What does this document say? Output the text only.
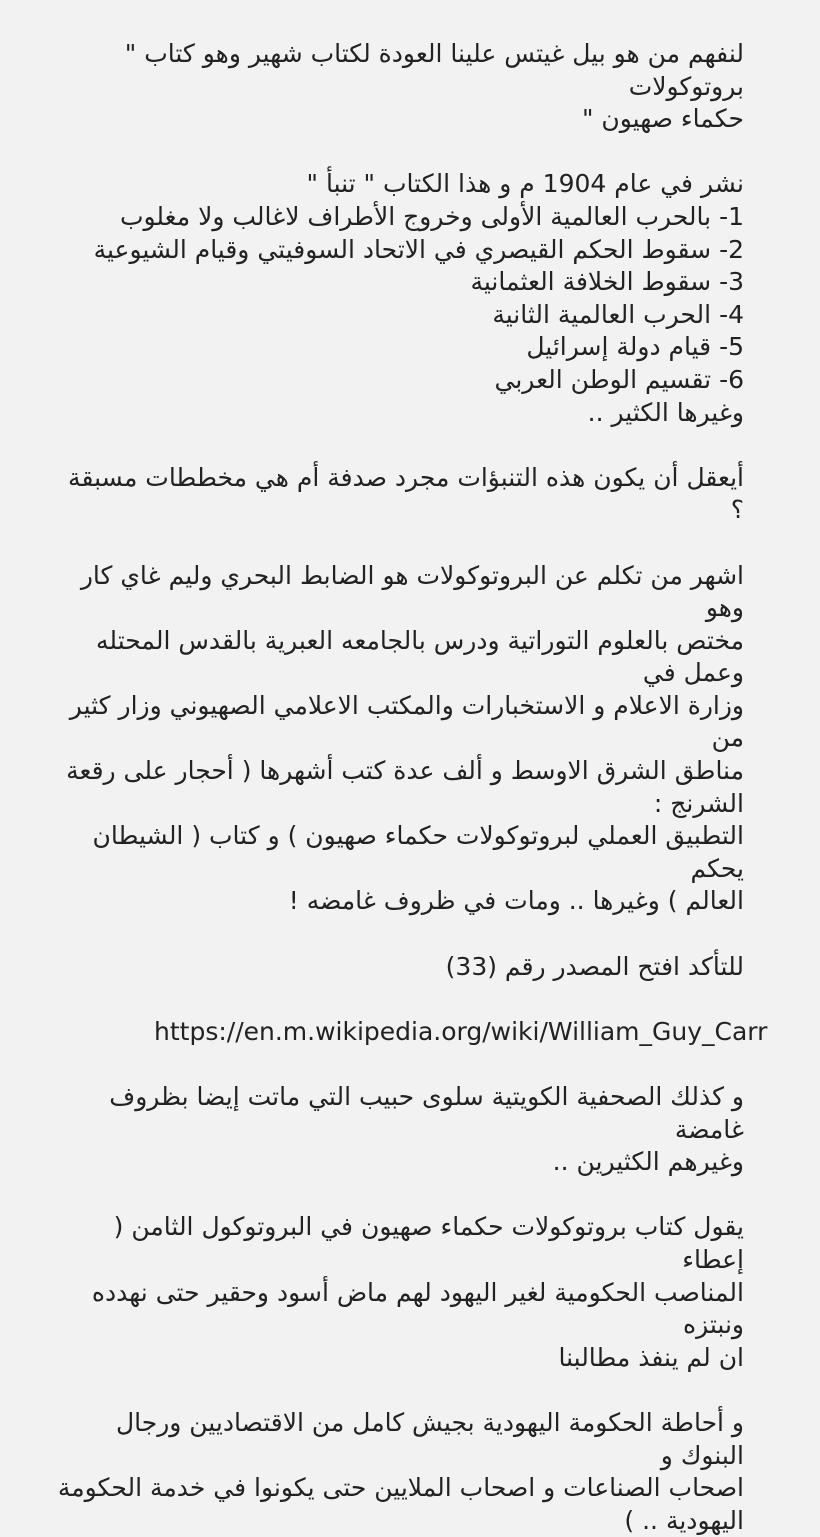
لنفهم من هو بيل غيتس علينا العودة لكتاب شهير وهو كتاب " بروتوكولات
حكماء صهيون "

نشر في عام 1904 م و هذا الكتاب " تنبأ "
1- بالحرب العالمية الأولى وخروج الأطراف لاغالب ولا مغلوب
2- سقوط الحكم القيصري في الاتحاد السوفيتي وقيام الشيوعية
3- سقوط الخلافة العثمانية
4- الحرب العالمية الثانية
5- قيام دولة إسرائيل
6- تقسيم الوطن العربي
وغيرها الكثير ..

أيعقل أن يكون هذه التنبؤات مجرد صدفة أم هي مخططات مسبقة ؟

اشهر من تكلم عن البروتوكولات هو الضابط البحري وليم غاي كار وهو
مختص بالعلوم التوراتية ودرس بالجامعه العبرية بالقدس المحتله وعمل في
وزارة الاعلام و الاستخبارات والمكتب الاعلامي الصهيوني وزار كثير من
مناطق الشرق الاوسط و ألف عدة كتب أشهرها ( أحجار على رقعة الشرنج :
التطبيق العملي لبروتوكولات حكماء صهيون ) و كتاب ( الشيطان يحكم
العالم ) وغيرها .. ومات في ظروف غامضه !

للتأكد افتح المصدر رقم (33)

https://en.m.wikipedia.org/wiki/William_Guy_Carr

و كذلك الصحفية الكويتية سلوى حبيب التي ماتت إيضا بظروف غامضة
وغيرهم الكثيرين ..

يقول كتاب بروتوكولات حكماء صهيون في البروتوكول الثامن ( إعطاء
المناصب الحكومية لغير اليهود لهم ماض أسود وحقير حتى نهدده ونبتزه
ان لم ينفذ مطالبنا

و أحاطة الحكومة اليهودية بجيش كامل من الاقتصاديين ورجال البنوك و
اصحاب الصناعات و اصحاب الملايين حتى يكونوا في خدمة الحكومة
اليهودية .. )
